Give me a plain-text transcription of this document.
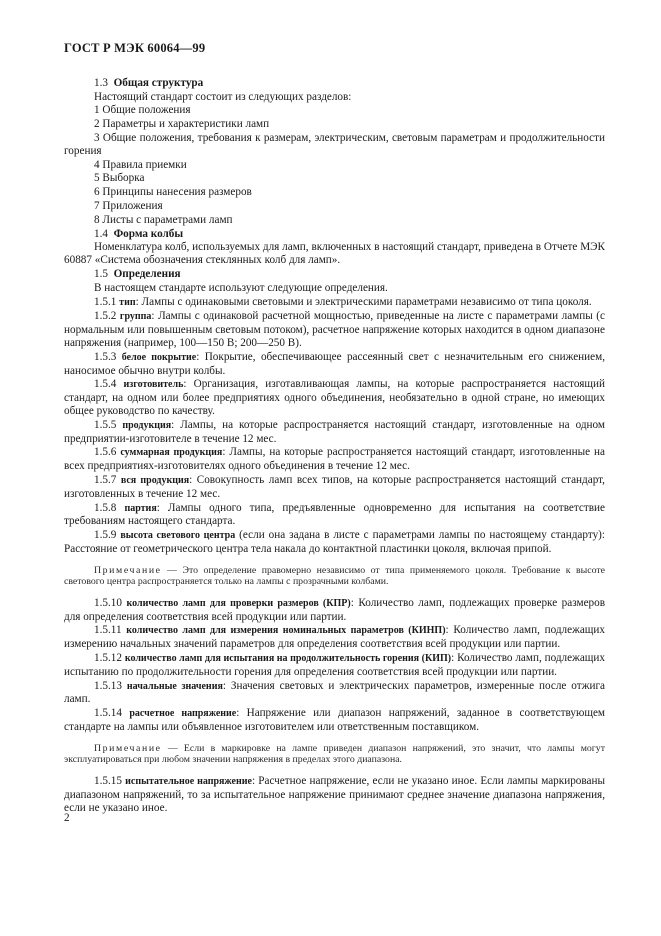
ГОСТ Р МЭК 60064—99
1.3 Общая структура
Настоящий стандарт состоит из следующих разделов:
1 Общие положения
2 Параметры и характеристики ламп
3 Общие положения, требования к размерам, электрическим, световым параметрам и продолжительности горения
4 Правила приемки
5 Выборка
6 Принципы нанесения размеров
7 Приложения
8 Листы с параметрами ламп
1.4 Форма колбы
Номенклатура колб, используемых для ламп, включенных в настоящий стандарт, приведена в Отчете МЭК 60887 «Система обозначения стеклянных колб для ламп».
1.5 Определения
В настоящем стандарте используют следующие определения.
1.5.1 тип: Лампы с одинаковыми световыми и электрическими параметрами независимо от типа цоколя.
1.5.2 группа: Лампы с одинаковой расчетной мощностью, приведенные на листе с параметрами лампы (с нормальным или повышенным световым потоком), расчетное напряжение которых находится в одном диапазоне напряжения (например, 100—150 В; 200—250 В).
1.5.3 белое покрытие: Покрытие, обеспечивающее рассеянный свет с незначительным его снижением, наносимое обычно внутри колбы.
1.5.4 изготовитель: Организация, изготавливающая лампы, на которые распространяется настоящий стандарт, на одном или более предприятиях одного объединения, необязательно в одной стране, но имеющих общее руководство по качеству.
1.5.5 продукция: Лампы, на которые распространяется настоящий стандарт, изготовленные на одном предприятии-изготовителе в течение 12 мес.
1.5.6 суммарная продукция: Лампы, на которые распространяется настоящий стандарт, изготовленные на всех предприятиях-изготовителях одного объединения в течение 12 мес.
1.5.7 вся продукция: Совокупность ламп всех типов, на которые распространяется настоящий стандарт, изготовленных в течение 12 мес.
1.5.8 партия: Лампы одного типа, предъявленные одновременно для испытания на соответствие требованиям настоящего стандарта.
1.5.9 высота светового центра (если она задана в листе с параметрами лампы по настоящему стандарту): Расстояние от геометрического центра тела накала до контактной пластинки цоколя, включая припой.
Примечание — Это определение правомерно независимо от типа применяемого цоколя. Требование к высоте светового центра распространяется только на лампы с прозрачными колбами.
1.5.10 количество ламп для проверки размеров (КПР): Количество ламп, подлежащих проверке размеров для определения соответствия всей продукции или партии.
1.5.11 количество ламп для измерения номинальных параметров (КИНП): Количество ламп, подлежащих измерению начальных значений параметров для определения соответствия всей продукции или партии.
1.5.12 количество ламп для испытания на продолжительность горения (КИП): Количество ламп, подлежащих испытанию по продолжительности горения для определения соответствия всей продукции или партии.
1.5.13 начальные значения: Значения световых и электрических параметров, измеренные после отжига ламп.
1.5.14 расчетное напряжение: Напряжение или диапазон напряжений, заданное в соответствующем стандарте на лампы или объявленное изготовителем или ответственным поставщиком.
Примечание — Если в маркировке на лампе приведен диапазон напряжений, это значит, что лампы могут эксплуатироваться при любом значении напряжения в пределах этого диапазона.
1.5.15 испытательное напряжение: Расчетное напряжение, если не указано иное. Если лампы маркированы диапазоном напряжений, то за испытательное напряжение принимают среднее значение диапазона напряжения, если не указано иное.
2
